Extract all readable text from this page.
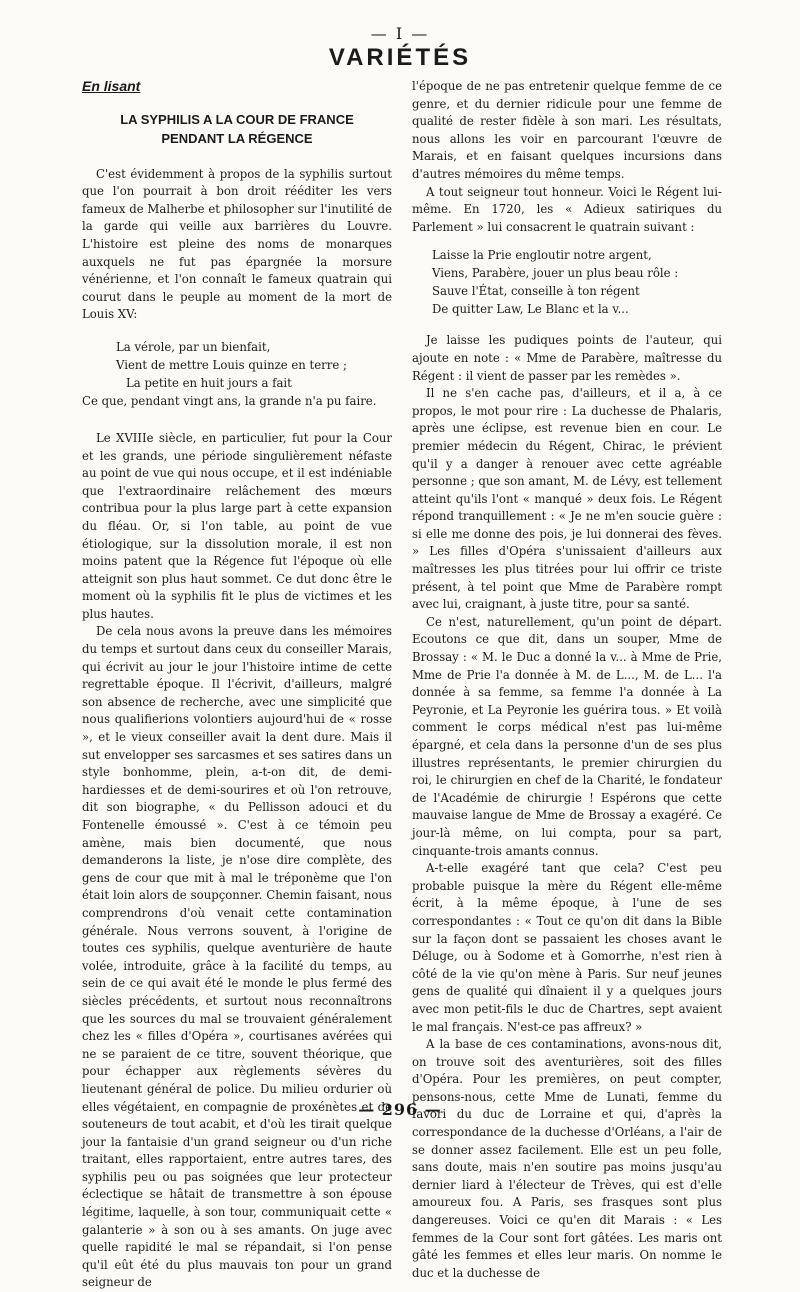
— I —
VARIÉTÉS

En lisant

LA SYPHILIS A LA COUR DE FRANCE
PENDANT LA RÉGENCE

C'est évidemment à propos de la syphilis surtout que l'on pourrait à bon droit rééditer les vers fameux de Malherbe et philosopher sur l'inutilité de la garde qui veille aux barrières du Louvre. L'histoire est pleine des noms de monarques auxquels ne fut pas épargnée la morsure vénérienne, et l'on connaît le fameux quatrain qui courut dans le peuple au moment de la mort de Louis XV:

La vérole, par un bienfait,
Vient de mettre Louis quinze en terre ;
La petite en huit jours a fait
Ce que, pendant vingt ans, la grande n'a pu faire.

Le XVIIIe siècle, en particulier, fut pour la Cour et les grands, une période singulièrement néfaste au point de vue qui nous occupe, et il est indéniable que l'extraordinaire relâchement des mœurs contribua pour la plus large part à cette expansion du fléau. Or, si l'on table, au point de vue étiologique, sur la dissolution morale, il est non moins patent que la Régence fut l'époque où elle atteignit son plus haut sommet. Ce dut donc être le moment où la syphilis fit le plus de victimes et les plus hautes.

De cela nous avons la preuve dans les mémoires du temps et surtout dans ceux du conseiller Marais, qui écrivit au jour le jour l'histoire intime de cette regrettable époque. Il l'écrivit, d'ailleurs, malgré son absence de recherche, avec une simplicité que nous qualifierions volontiers aujourd'hui de « rosse », et le vieux conseiller avait la dent dure. Mais il sut envelopper ses sarcasmes et ses satires dans un style bonhomme, plein, a-t-on dit, de demi-hardiesses et de demi-sourires et où l'on retrouve, dit son biographe, « du Pellisson adouci et du Fontenelle émoussé ». C'est à ce témoin peu amène, mais bien documenté, que nous demanderons la liste, je n'ose dire complète, des gens de cour que mit à mal le tréponème que l'on était loin alors de soupçonner. Chemin faisant, nous comprendrons d'où venait cette contamination générale. Nous verrons souvent, à l'origine de toutes ces syphilis, quelque aventurière de haute volée, introduite, grâce à la facilité du temps, au sein de ce qui avait été le monde le plus fermé des siècles précédents, et surtout nous reconnaîtrons que les sources du mal se trouvaient généralement chez les « filles d'Opéra », courtisanes avérées qui ne se paraient de ce titre, souvent théorique, que pour échapper aux règlements sévères du lieutenant général de police. Du milieu ordurier où elles végétaient, en compagnie de proxénètes et de souteneurs de tout acabit, et d'où les tirait quelque jour la fantaisie d'un grand seigneur ou d'un riche traitant, elles rapportaient, entre autres tares, des syphilis peu ou pas soignées que leur protecteur éclectique se hâtait de transmettre à son épouse légitime, laquelle, à son tour, communiquait cette « galanterie » à son ou à ses amants. On juge avec quelle rapidité le mal se répandait, si l'on pense qu'il eût été du plus mauvais ton pour un grand seigneur de

l'époque de ne pas entretenir quelque femme de ce genre, et du dernier ridicule pour une femme de qualité de rester fidèle à son mari. Les résultats, nous allons les voir en parcourant l'œuvre de Marais, et en faisant quelques incursions dans d'autres mémoires du même temps.

A tout seigneur tout honneur. Voici le Régent lui-même. En 1720, les « Adieux satiriques du Parlement » lui consacrent le quatrain suivant :

Laisse la Prie engloutir notre argent,
Viens, Parabère, jouer un plus beau rôle :
Sauve l'État, conseille à ton régent
De quitter Law, Le Blanc et la v...

Je laisse les pudiques points de l'auteur, qui ajoute en note : « Mme de Parabère, maîtresse du Régent : il vient de passer par les remèdes ».

Il ne s'en cache pas, d'ailleurs, et il a, à ce propos, le mot pour rire : La duchesse de Phalaris, après une éclipse, est revenue bien en cour. Le premier médecin du Régent, Chirac, le prévient qu'il y a danger à renouer avec cette agréable personne ; que son amant, M. de Lévy, est tellement atteint qu'ils l'ont « manqué » deux fois. Le Régent répond tranquillement : « Je ne m'en soucie guère : si elle me donne des pois, je lui donnerai des fèves. » Les filles d'Opéra s'unissaient d'ailleurs aux maîtresses les plus titrées pour lui offrir ce triste présent, à tel point que Mme de Parabère rompt avec lui, craignant, à juste titre, pour sa santé.

Ce n'est, naturellement, qu'un point de départ. Ecoutons ce que dit, dans un souper, Mme de Brossay : « M. le Duc a donné la v... à Mme de Prie, Mme de Prie l'a donnée à M. de L..., M. de L... l'a donnée à sa femme, sa femme l'a donnée à La Peyronie, et La Peyronie les guérira tous. » Et voilà comment le corps médical n'est pas lui-même épargné, et cela dans la personne d'un de ses plus illustres représentants, le premier chirurgien du roi, le chirurgien en chef de la Charité, le fondateur de l'Académie de chirurgie ! Espérons que cette mauvaise langue de Mme de Brossay a exagéré. Ce jour-là même, on lui compta, pour sa part, cinquante-trois amants connus.

A-t-elle exagéré tant que cela? C'est peu probable puisque la mère du Régent elle-même écrit, à la même époque, à l'une de ses correspondantes : « Tout ce qu'on dit dans la Bible sur la façon dont se passaient les choses avant le Déluge, ou à Sodome et à Gomorrhe, n'est rien à côté de la vie qu'on mène à Paris. Sur neuf jeunes gens de qualité qui dînaient il y a quelques jours avec mon petit-fils le duc de Chartres, sept avaient le mal français. N'est-ce pas affreux? »

A la base de ces contaminations, avons-nous dit, on trouve soit des aventurières, soit des filles d'Opéra. Pour les premières, on peut compter, pensons-nous, cette Mme de Lunati, femme du favori du duc de Lorraine et qui, d'après la correspondance de la duchesse d'Orléans, a l'air de se donner assez facilement. Elle est un peu folle, sans doute, mais n'en soutire pas moins jusqu'au dernier liard à l'électeur de Trèves, qui est d'elle amoureux fou. A Paris, ses frasques sont plus dangereuses. Voici ce qu'en dit Marais : « Les femmes de la Cour sont fort gâtées. Les maris ont gâté les femmes et elles leur maris. On nomme le duc et la duchesse de

— 296 —
